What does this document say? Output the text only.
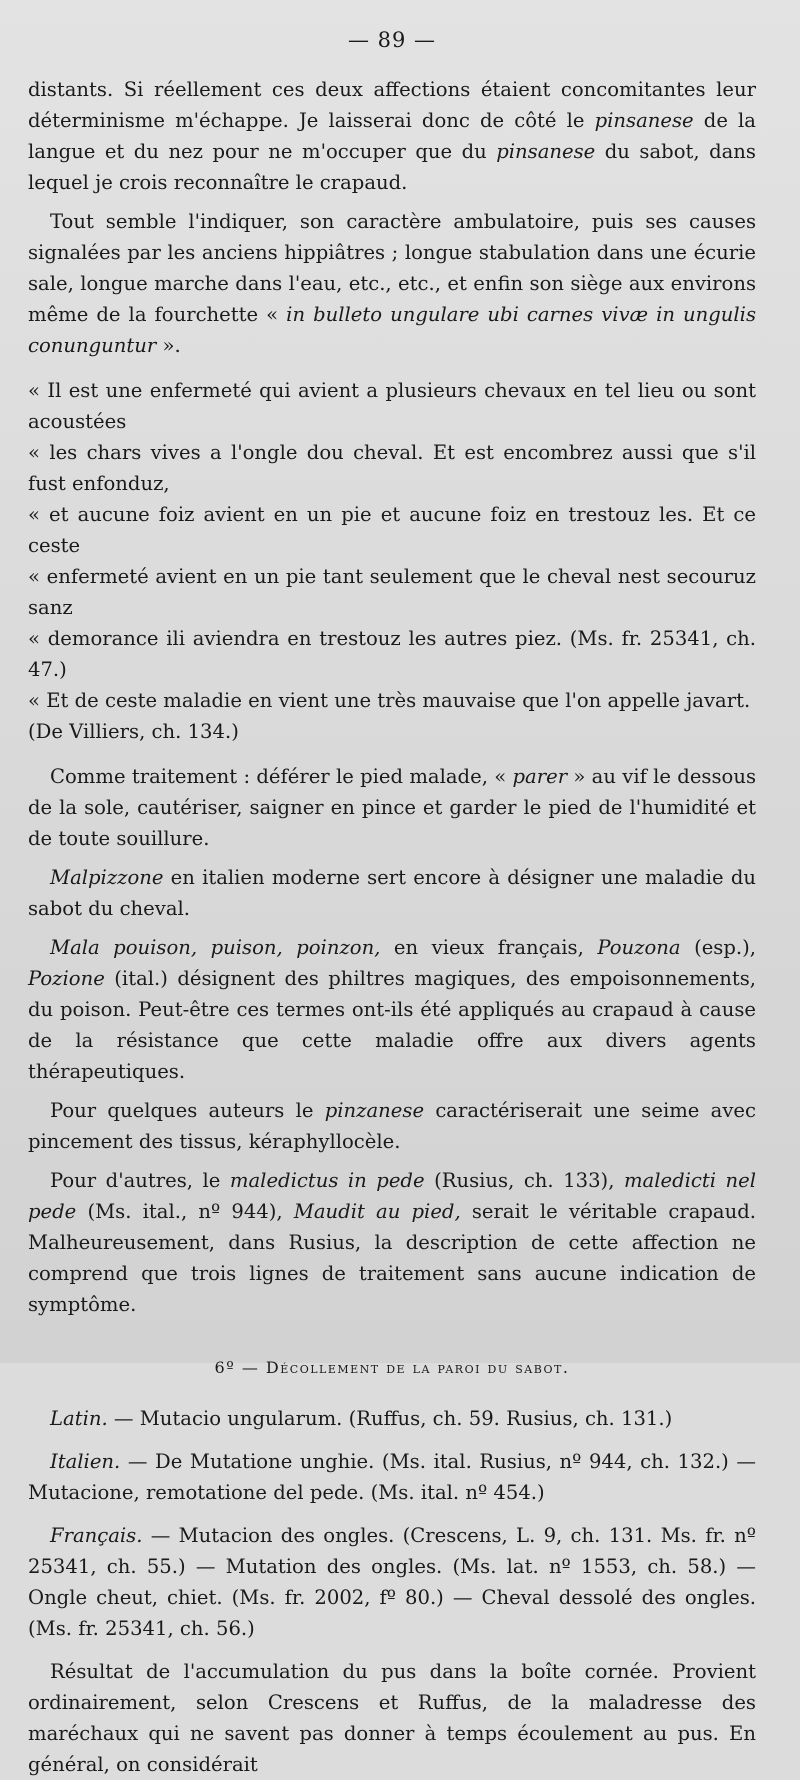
— 89 —

distants. Si réellement ces deux affections étaient concomitantes leur déterminisme m'échappe. Je laisserai donc de côté le pinsanese de la langue et du nez pour ne m'occuper que du pinsanese du sabot, dans lequel je crois reconnaître le crapaud.

Tout semble l'indiquer, son caractère ambulatoire, puis ses causes signalées par les anciens hippiâtres ; longue stabulation dans une écurie sale, longue marche dans l'eau, etc., etc., et enfin son siège aux environs même de la fourchette « in bulleto ungulare ubi carnes vivæ in ungulis conunguntur ».

« Il est une enfermeté qui avient a plusieurs chevaux en tel lieu ou sont acoustées

« les chars vives a l'ongle dou cheval. Et est encombrez aussi que s'il fust enfonduz,

« et aucune foiz avient en un pie et aucune foiz en trestouz les. Et ce ceste

« enfermeté avient en un pie tant seulement que le cheval nest secouruz sanz

« demorance ili aviendra en trestouz les autres piez. (Ms. fr. 25341, ch. 47.)

« Et de ceste maladie en vient une très mauvaise que l'on appelle javart.

(De Villiers, ch. 134.)

Comme traitement : déférer le pied malade, « parer » au vif le dessous de la sole, cautériser, saigner en pince et garder le pied de l'humidité et de toute souillure.

Malpizzone en italien moderne sert encore à désigner une maladie du sabot du cheval.

Mala pouison, puison, poinzon, en vieux français, Pouzona (esp.), Pozione (ital.) désignent des philtres magiques, des empoisonnements, du poison. Peut-être ces termes ont-ils été appliqués au crapaud à cause de la résistance que cette maladie offre aux divers agents thérapeutiques.

Pour quelques auteurs le pinzanese caractériserait une seime avec pincement des tissus, kéraphyllocèle.

Pour d'autres, le maledictus in pede (Rusius, ch. 133), maledicti nel pede (Ms. ital., nº 944), Maudit au pied, serait le véritable crapaud. Malheureusement, dans Rusius, la description de cette affection ne comprend que trois lignes de traitement sans aucune indication de symptôme.

6º — Décollement de la paroi du sabot.

Latin. — Mutacio ungularum. (Ruffus, ch. 59. Rusius, ch. 131.)

Italien. — De Mutatione unghie. (Ms. ital. Rusius, nº 944, ch. 132.) — Mutacione, remotatione del pede. (Ms. ital. nº 454.)

Français. — Mutacion des ongles. (Crescens, L. 9, ch. 131. Ms. fr. nº 25341, ch. 55.) — Mutation des ongles. (Ms. lat. nº 1553, ch. 58.) — Ongle cheut, chiet. (Ms. fr. 2002, fº 80.) — Cheval dessolé des ongles. (Ms. fr. 25341, ch. 56.)

Résultat de l'accumulation du pus dans la boîte cornée. Provient ordinairement, selon Crescens et Ruffus, de la maladresse des maréchaux qui ne savent pas donner à temps écoulement au pus. En général, on considérait
